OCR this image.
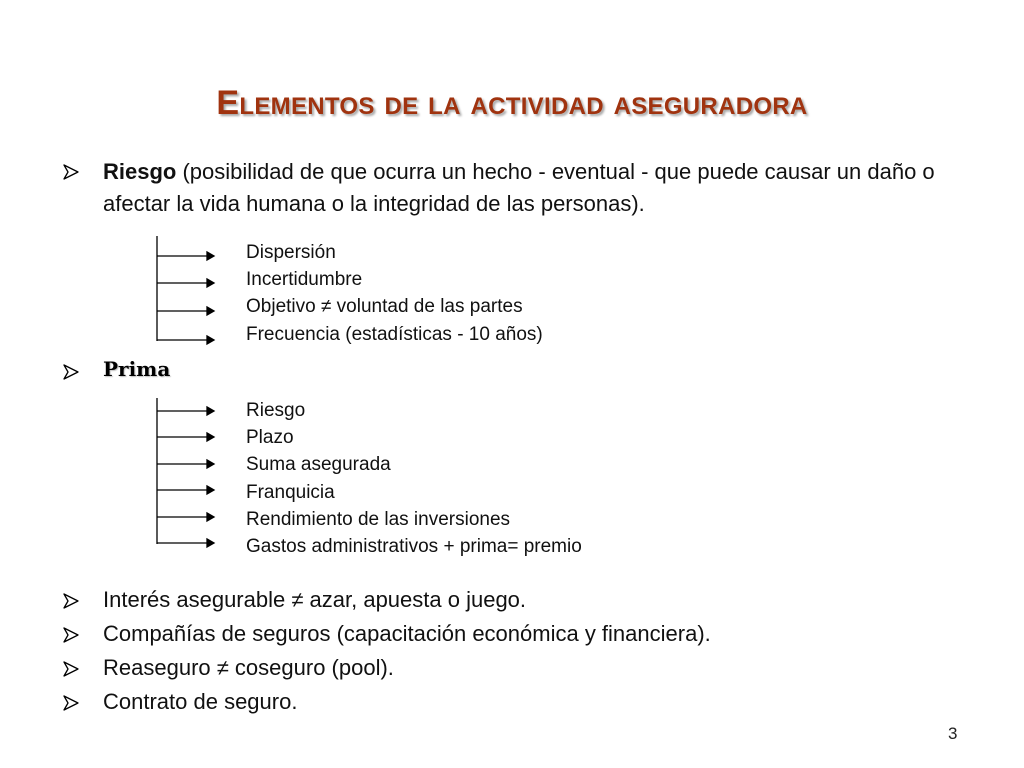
Elementos de la actividad aseguradora
Riesgo (posibilidad de que ocurra un hecho - eventual - que puede causar un daño o afectar la vida humana o la integridad de las personas).
Dispersión
Incertidumbre
Objetivo ≠ voluntad de las partes
Frecuencia (estadísticas - 10 años)
Prima
Riesgo
Plazo
Suma asegurada
Franquicia
Rendimiento de las inversiones
Gastos administrativos + prima= premio
Interés asegurable ≠ azar, apuesta o juego.
Compañías de seguros (capacitación económica y financiera).
Reaseguro ≠ coseguro (pool).
Contrato de seguro.
3
